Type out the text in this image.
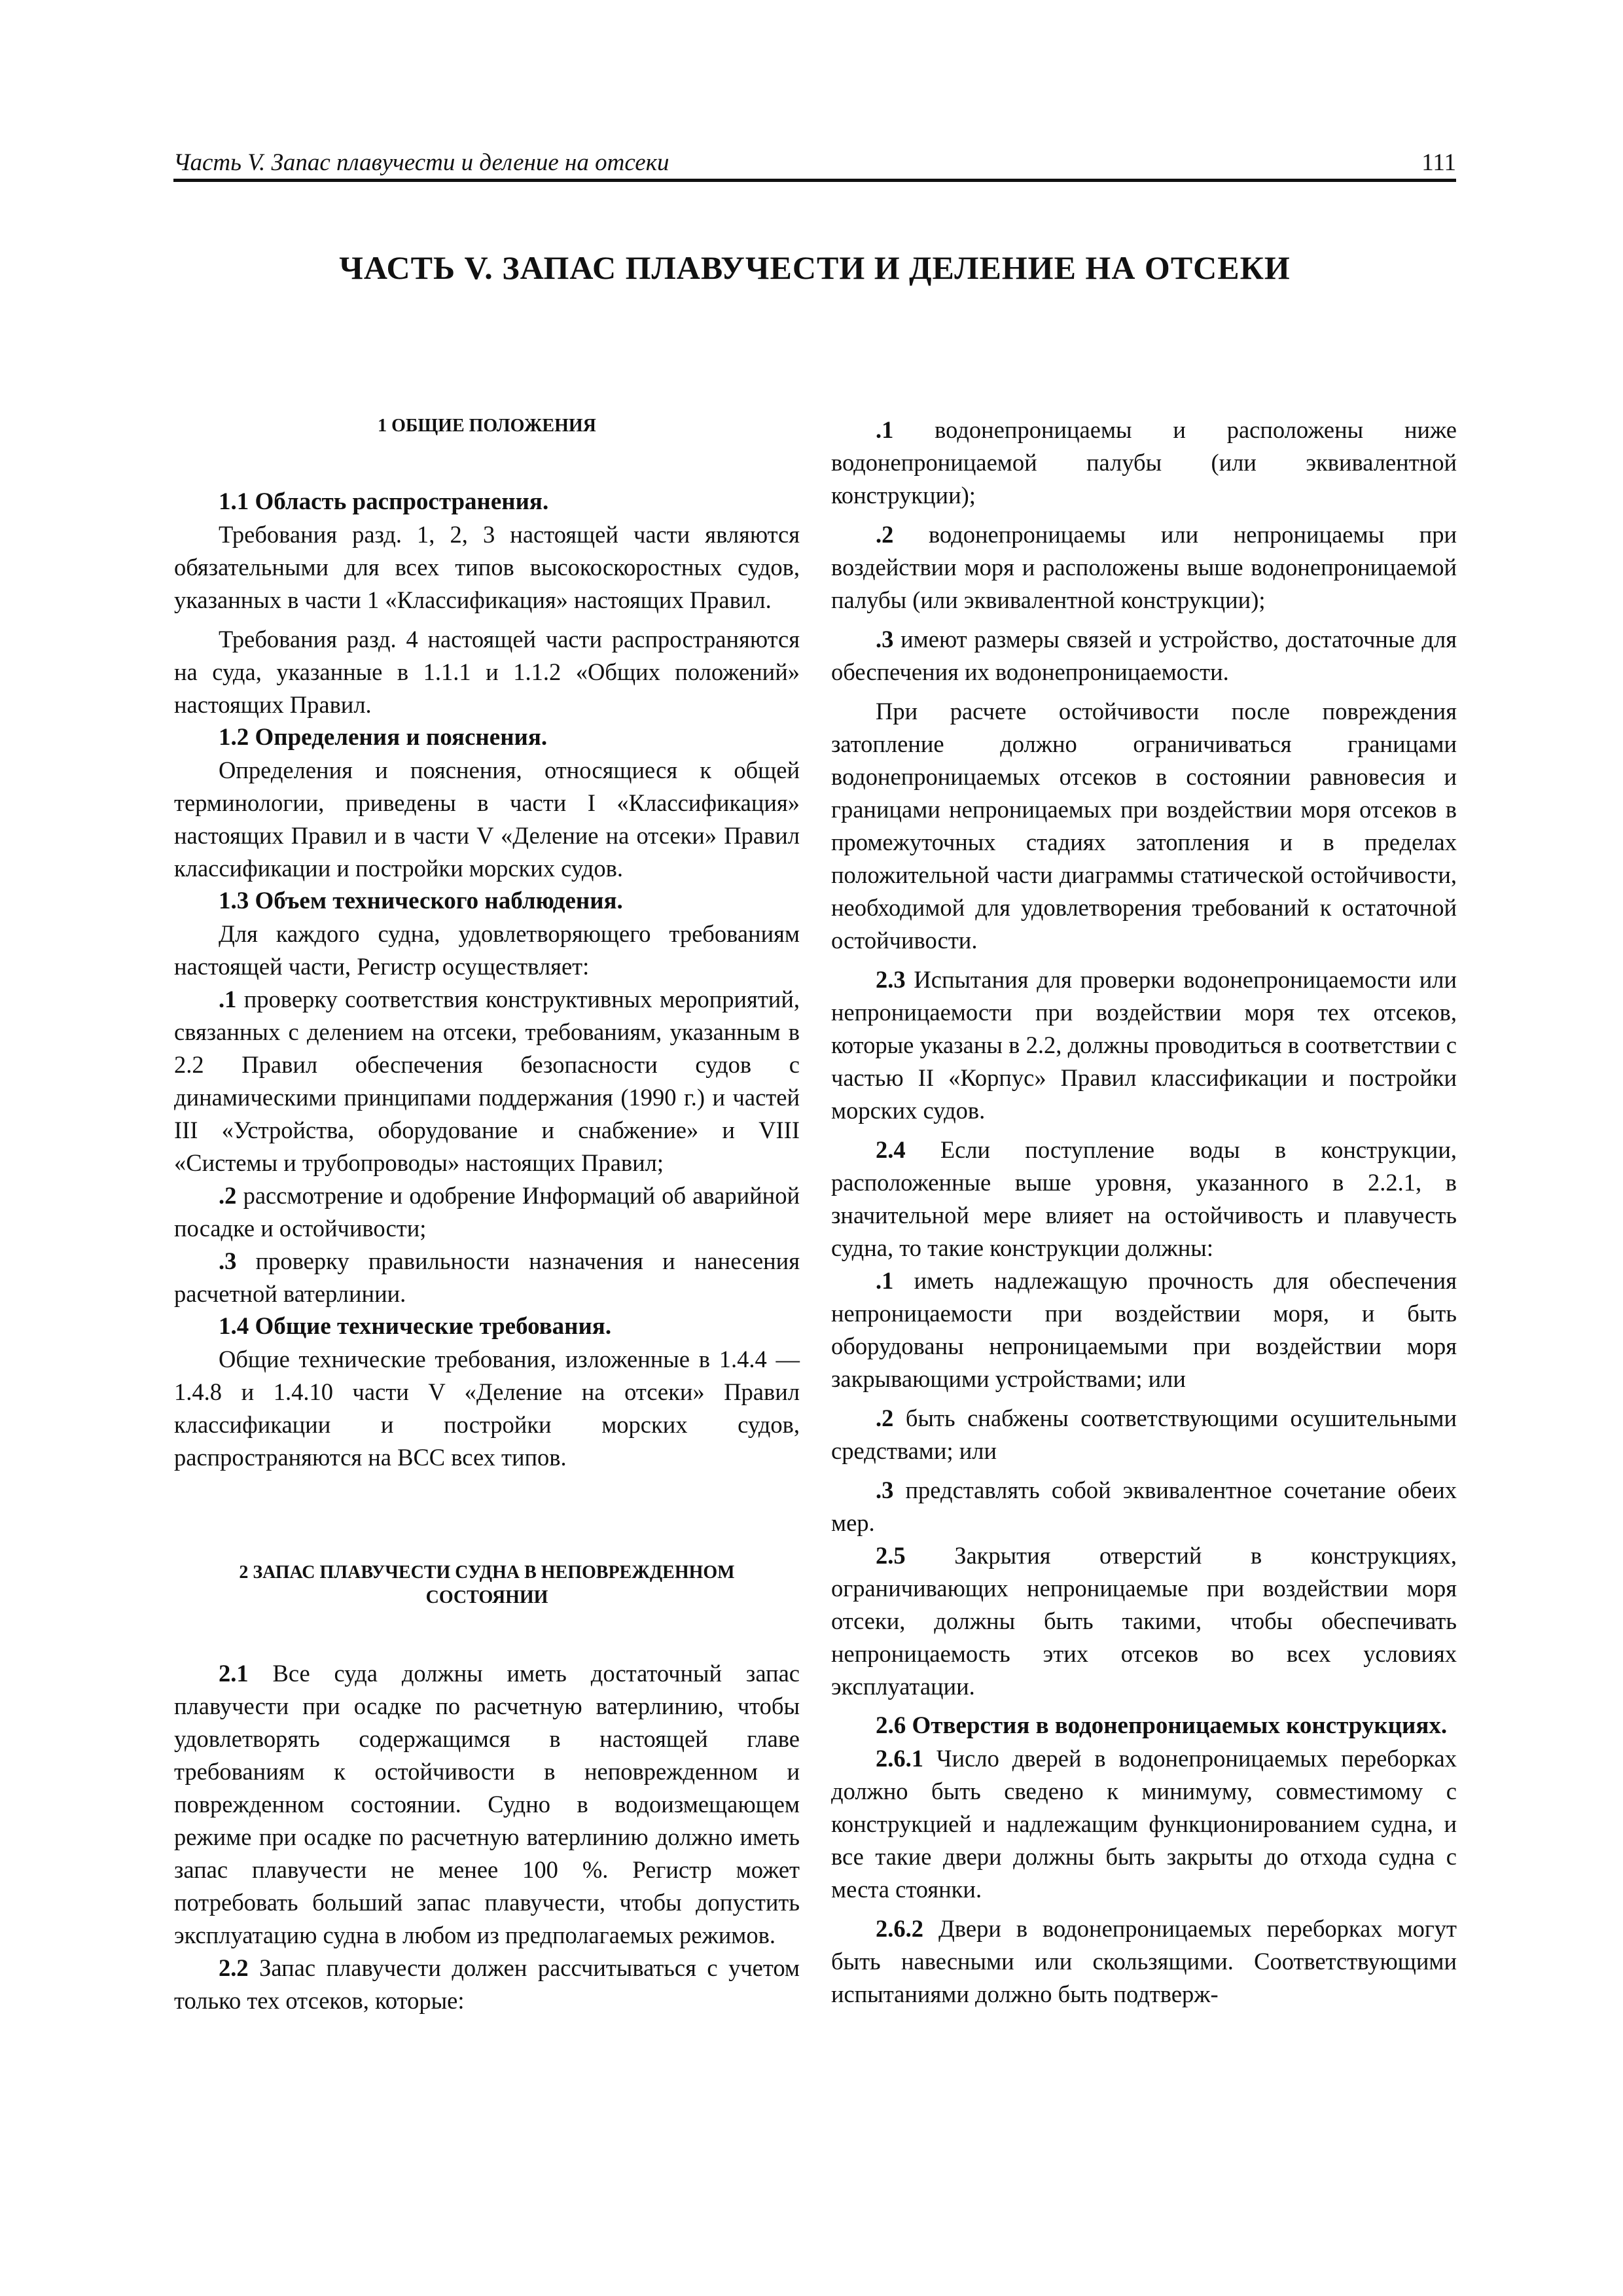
Часть V. Запас плавучести и деление на отсеки	111
ЧАСТЬ V. ЗАПАС ПЛАВУЧЕСТИ И ДЕЛЕНИЕ НА ОТСЕКИ
1 ОБЩИЕ ПОЛОЖЕНИЯ
1.1 Область распространения.

Требования разд. 1, 2, 3 настоящей части являются обязательными для всех типов высокоскоростных судов, указанных в части 1 «Классификация» настоящих Правил.

Требования разд. 4 настоящей части распространяются на суда, указанные в 1.1.1 и 1.1.2 «Общих положений» настоящих Правил.

1.2 Определения и пояснения.

Определения и пояснения, относящиеся к общей терминологии, приведены в части I «Классификация» настоящих Правил и в части V «Деление на отсеки» Правил классификации и постройки морских судов.

1.3 Объем технического наблюдения.

Для каждого судна, удовлетворяющего требованиям настоящей части, Регистр осуществляет:

.1 проверку соответствия конструктивных мероприятий, связанных с делением на отсеки, требованиям, указанным в 2.2 Правил обеспечения безопасности судов с динамическими принципами поддержания (1990 г.) и частей III «Устройства, оборудование и снабжение» и VIII «Системы и трубопроводы» настоящих Правил;

.2 рассмотрение и одобрение Информаций об аварийной посадке и остойчивости;

.3 проверку правильности назначения и нанесения расчетной ватерлинии.

1.4 Общие технические требования.

Общие технические требования, изложенные в 1.4.4 — 1.4.8 и 1.4.10 части V «Деление на отсеки» Правил классификации и постройки морских судов, распространяются на ВСС всех типов.

2 ЗАПАС ПЛАВУЧЕСТИ СУДНА В НЕПОВРЕЖДЕННОМ СОСТОЯНИИ

2.1 Все суда должны иметь достаточный запас плавучести при осадке по расчетную ватерлинию, чтобы удовлетворять содержащимся в настоящей главе требованиям к остойчивости в неповрежденном и поврежденном состоянии. Судно в водоизмещающем режиме при осадке по расчетную ватерлинию должно иметь запас плавучести не менее 100 %. Регистр может потребовать больший запас плавучести, чтобы допустить эксплуатацию судна в любом из предполагаемых режимов.

2.2 Запас плавучести должен рассчитываться с учетом только тех отсеков, которые:

.1 водонепроницаемы и расположены ниже водонепроницаемой палубы (или эквивалентной конструкции);

.2 водонепроницаемы или непроницаемы при воздействии моря и расположены выше водонепроницаемой палубы (или эквивалентной конструкции);

.3 имеют размеры связей и устройство, достаточные для обеспечения их водонепроницаемости.

При расчете остойчивости после повреждения затопление должно ограничиваться границами водонепроницаемых отсеков в состоянии равновесия и границами непроницаемых при воздействии моря отсеков в промежуточных стадиях затопления и в пределах положительной части диаграммы статической остойчивости, необходимой для удовлетворения требований к остаточной остойчивости.

2.3 Испытания для проверки водонепроницаемости или непроницаемости при воздействии моря тех отсеков, которые указаны в 2.2, должны проводиться в соответствии с частью II «Корпус» Правил классификации и постройки морских судов.

2.4 Если поступление воды в конструкции, расположенные выше уровня, указанного в 2.2.1, в значительной мере влияет на остойчивость и плавучесть судна, то такие конструкции должны:

.1 иметь надлежащую прочность для обеспечения непроницаемости при воздействии моря, и быть оборудованы непроницаемыми при воздействии моря закрывающими устройствами; или

.2 быть снабжены соответствующими осушительными средствами; или

.3 представлять собой эквивалентное сочетание обеих мер.

2.5 Закрытия отверстий в конструкциях, ограничивающих непроницаемые при воздействии моря отсеки, должны быть такими, чтобы обеспечивать непроницаемость этих отсеков во всех условиях эксплуатации.

2.6 Отверстия в водонепроницаемых конструкциях.

2.6.1 Число дверей в водонепроницаемых переборках должно быть сведено к минимуму, совместимому с конструкцией и надлежащим функционированием судна, и все такие двери должны быть закрыты до отхода судна с места стоянки.

2.6.2 Двери в водонепроницаемых переборках могут быть навесными или скользящими. Соответствующими испытаниями должно быть подтверж-
